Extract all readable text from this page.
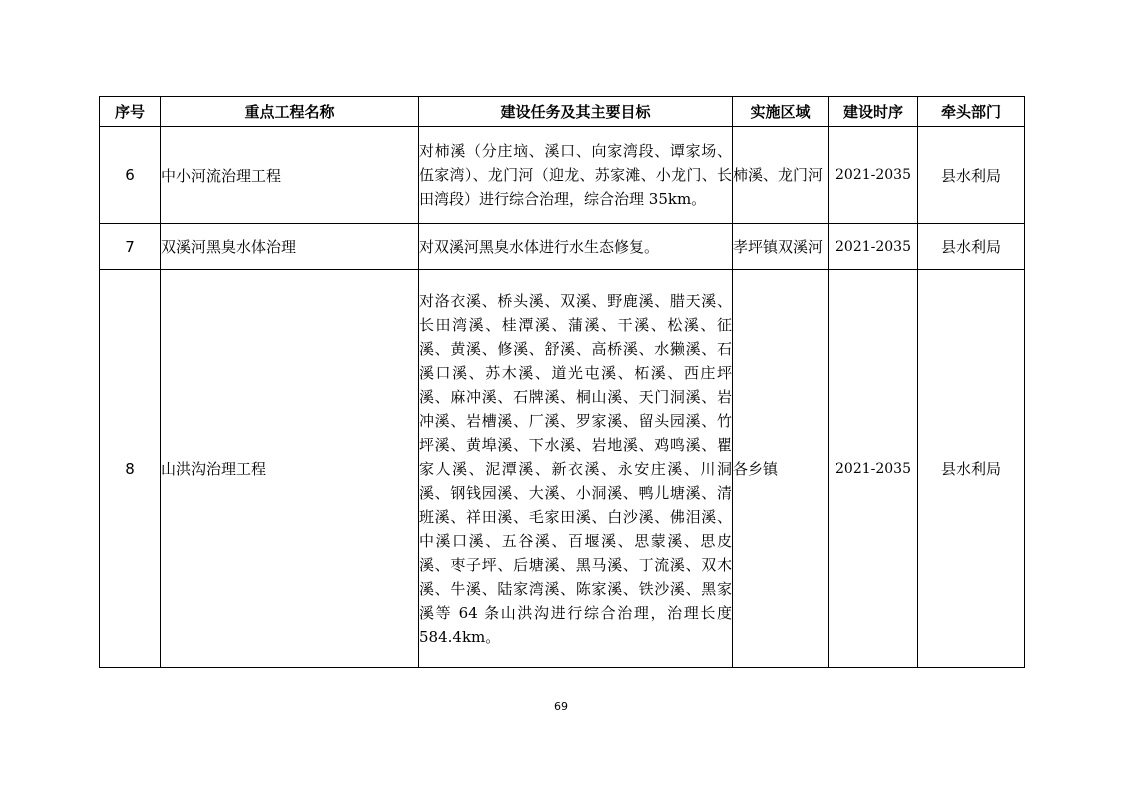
序号	重点工程名称	建设任务及其主要目标	实施区域	建设时序	牵头部门
6	中小河流治理工程	对柿溪（分庄垴、溪口、向家湾段、谭家场、伍家湾）、龙门河（迎龙、苏家滩、小龙门、长田湾段）进行综合治理，综合治理 35km。	柿溪、龙门河	2021-2035	县水利局
7	双溪河黑臭水体治理	对双溪河黑臭水体进行水生态修复。	孝坪镇双溪河	2021-2035	县水利局
8	山洪沟治理工程	对洛衣溪、桥头溪、双溪、野鹿溪、腊天溪、长田湾溪、桂潭溪、蒲溪、干溪、松溪、征溪、黄溪、修溪、舒溪、高桥溪、水獭溪、石溪口溪、苏木溪、道光屯溪、柘溪、西庄坪溪、麻冲溪、石牌溪、桐山溪、天门洞溪、岩冲溪、岩槽溪、厂溪、罗家溪、留头园溪、竹坪溪、黄埠溪、下水溪、岩地溪、鸡鸣溪、瞿家人溪、泥潭溪、新衣溪、永安庄溪、川洞溪、钢钱园溪、大溪、小洞溪、鸭儿塘溪、清班溪、祥田溪、毛家田溪、白沙溪、佛泪溪、中溪口溪、五谷溪、百堰溪、思蒙溪、思皮溪、枣子坪、后塘溪、黑马溪、丁流溪、双木溪、牛溪、陆家湾溪、陈家溪、铁沙溪、黑家溪等 64 条山洪沟进行综合治理，治理长度 584.4km。	各乡镇	2021-2035	县水利局
69
